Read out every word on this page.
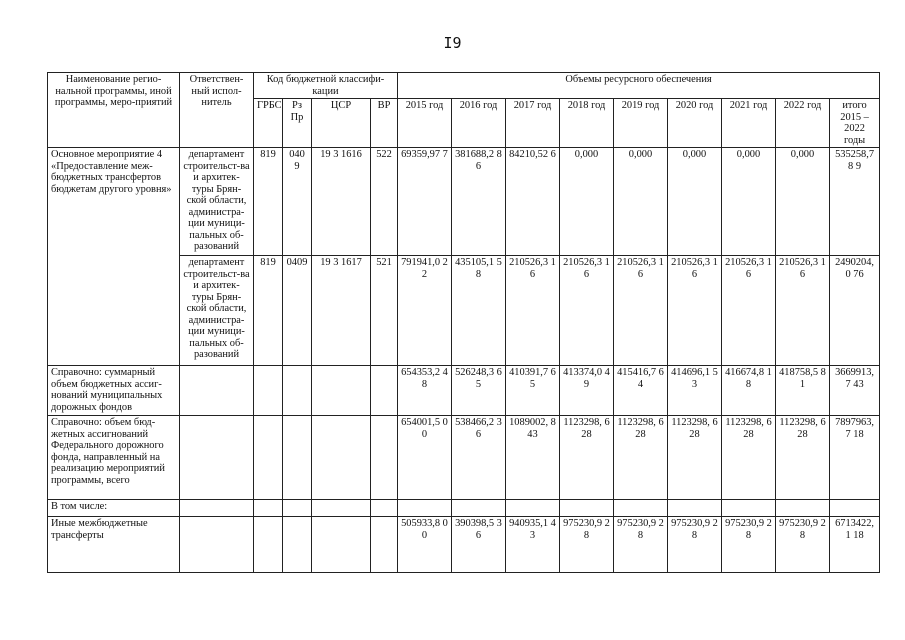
I9
Наименование регио-нальной программы, иной программы, меро-приятий	Ответствен-ный испол-нитель	Код бюджетной классифи-кации				Объемы ресурсного обеспечения								
		ГРБС	Рз Пр	ЦСР	ВР	2015 год	2016 год	2017 год	2018 год	2019 год	2020 год	2021 год	2022 год	итого 2015 – 2022 годы
Основное мероприятие 4 «Предоставление меж-бюджетных трансфертов бюджетам другого уровня»	департамент строительст-ва и архитек-туры Брян-ской области, администра-ции муници-пальных об-разований	819	040 9	19 3 1616	522	69359,97 7	381688,2 86	84210,52 6	0,000	0,000	0,000	0,000	0,000	535258,78 9
	департамент строительст-ва и архитек-туры Брян-ской области, администра-ции муници-пальных об-разований	819	0409	19 3 1617	521	791941,0 22	435105,1 58	210526,3 16	210526,3 16	210526,3 16	210526,3 16	210526,3 16	210526,3 16	2490204,0 76
Справочно: суммарный объем бюджетных ассиг-нований муниципальных дорожных фондов						654353,2 48	526248,3 65	410391,7 65	413374,0 49	415416,7 64	414696,1 53	416674,8 18	418758,5 81	3669913,7 43
Справочно: объем бюд-жетных ассигнований Федерального дорожного фонда, направленный на реализацию мероприятий программы, всего						654001,5 00	538466,2 36	1089002, 843	1123298, 628	1123298, 628	1123298, 628	1123298, 628	1123298, 628	7897963,7 18
В том числе:														
Иные межбюджетные трансферты						505933,8 00	390398,5 36	940935,1 43	975230,9 28	975230,9 28	975230,9 28	975230,9 28	975230,9 28	6713422,1 18
